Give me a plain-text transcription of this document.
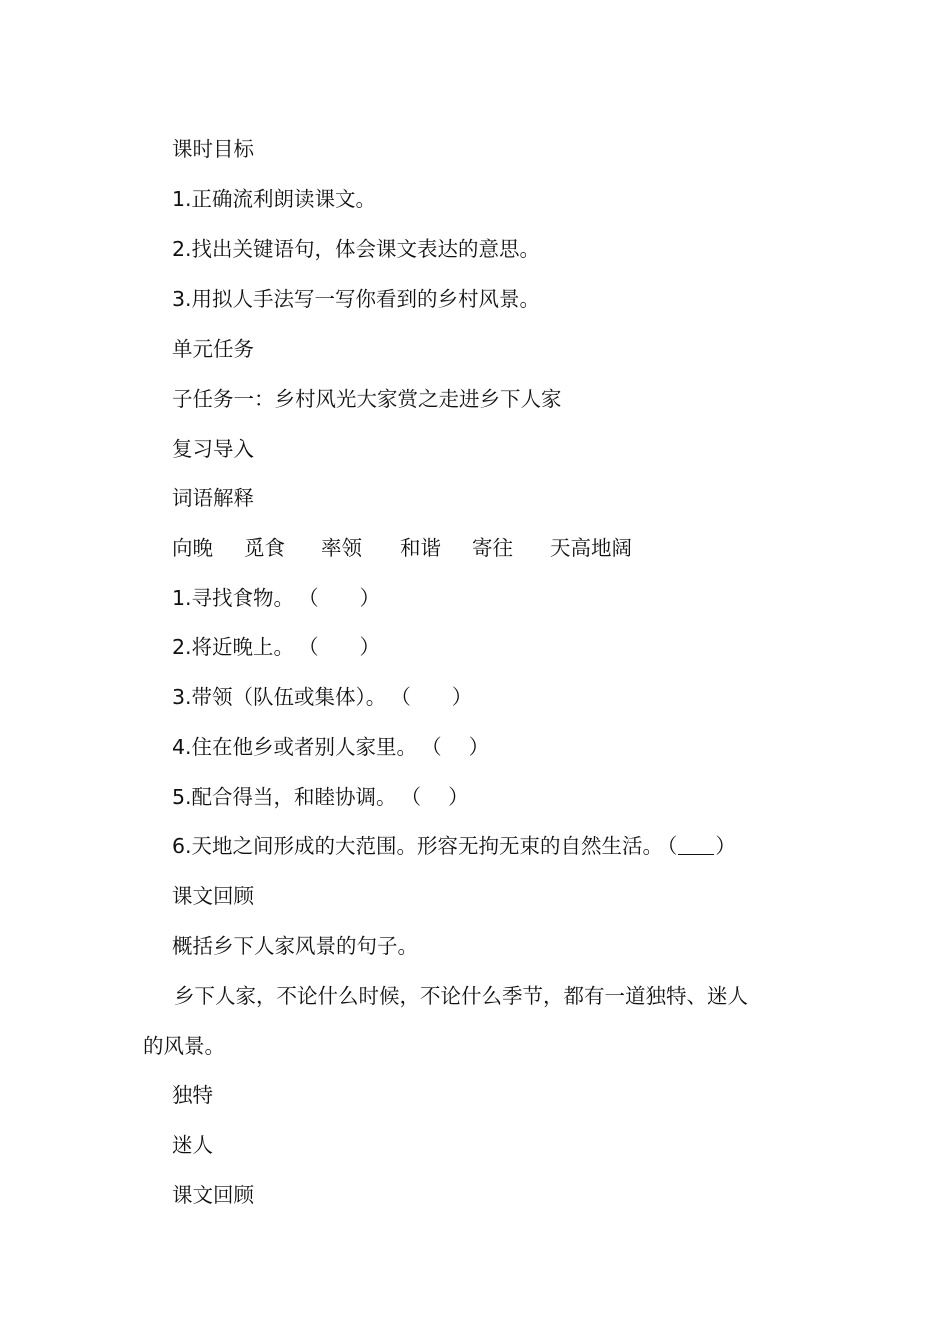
课时目标
1.正确流利朗读课文。
2.找出关键语句，体会课文表达的意思。
3.用拟人手法写一写你看到的乡村风景。
单元任务
子任务一：乡村风光大家赏之走进乡下人家
复习导入
词语解释
向晚	觅食	率领	和谐	寄往	天高地阔
1.寻找食物。 （　　）
2.将近晚上。 （　　）
3.带领（队伍或集体）。 （　　）
4.住在他乡或者别人家里。 （　 ）
5.配合得当，和睦协调。 （　 ）
6.天地之间形成的大范围。形容无拘无束的自然生活。 （ ）
课文回顾
概括乡下人家风景的句子。
乡下人家，不论什么时候，不论什么季节，都有一道独特、迷人
的风景。
独特
迷人
课文回顾
